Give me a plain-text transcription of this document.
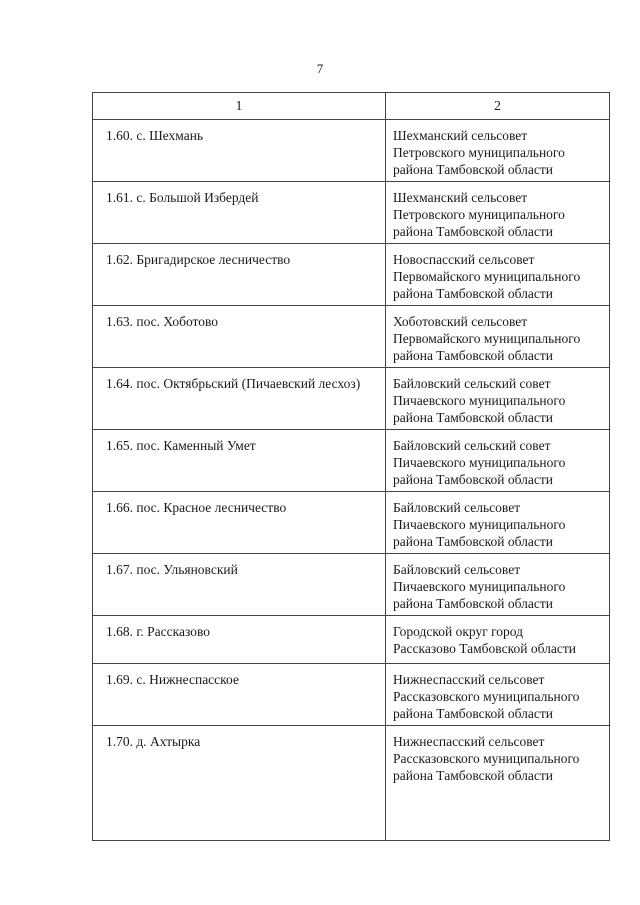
7
1	2

1.60. с. Шехмань	Шехманский сельсовет
Петровского муниципального
района Тамбовской области

1.61. с. Большой Избердей	Шехманский сельсовет
Петровского муниципального
района Тамбовской области

1.62. Бригадирское лесничество	Новоспасский сельсовет
Первомайского муниципального
района Тамбовской области

1.63. пос. Хоботово	Хоботовский сельсовет
Первомайского муниципального
района Тамбовской области

1.64. пос. Октябрьский (Пичаевский лесхоз)	Байловский сельский совет
Пичаевского муниципального
района Тамбовской области

1.65. пос. Каменный Умет	Байловский сельский совет
Пичаевского муниципального
района Тамбовской области

1.66. пос. Красное лесничество	Байловский сельсовет
Пичаевского муниципального
района Тамбовской области

1.67. пос. Ульяновский	Байловский сельсовет
Пичаевского муниципального
района Тамбовской области

1.68. г. Рассказово	Городской округ город
Рассказово Тамбовской области

1.69. с. Нижнеспасское	Нижнеспасский сельсовет
Рассказовского муниципального
района Тамбовской области

1.70. д. Ахтырка	Нижнеспасский сельсовет
Рассказовского муниципального
района Тамбовской области
